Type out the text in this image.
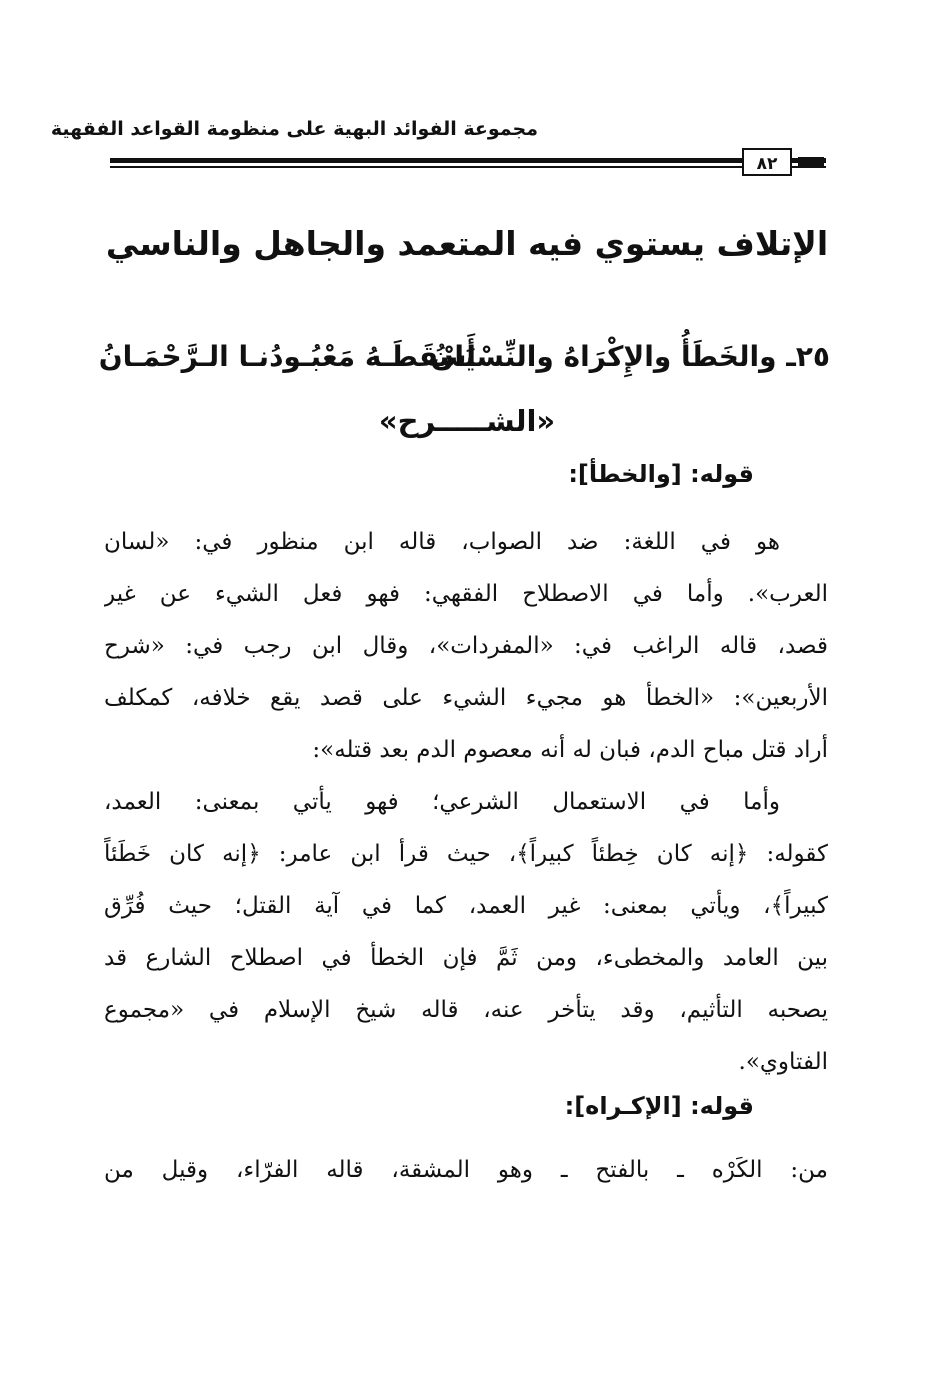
مجموعة الفوائد البهية على منظومة القواعد الفقهية
٨٢
الإتلاف يستوي فيه المتعمد والجاهل والناسي
٢٥ـ والخَطَأُ والإِكْرَاهُ والنِّسْيَانُ
أَسْقَطَـهُ مَعْبُـودُنـا الـرَّحْمَـانُ
«الشـــــرح»
قوله: [والخطأ]:
هو في اللغة: ضد الصواب، قاله ابن منظور في: «لسان
العرب». وأما في الاصطلاح الفقهي: فهو فعل الشيء عن غير
قصد، قاله الراغب في: «المفردات»، وقال ابن رجب في: «شرح
الأربعين»: «الخطأ هو مجيء الشيء على قصد يقع خلافه، كمكلف
أراد قتل مباح الدم، فبان له أنه معصوم الدم بعد قتله»:
وأما في الاستعمال الشرعي؛ فهو يأتي بمعنى: العمد،
كقوله: ﴿إنه كان خِطئاً كبيراً﴾، حيث قرأ ابن عامر: ﴿إنه كان خَطَئاً
كبيراً﴾، ويأتي بمعنى: غير العمد، كما في آية القتل؛ حيث فُرِّق
بين العامد والمخطىء، ومن ثَمَّ فإن الخطأ في اصطلاح الشارع قد
يصحبه التأثيم، وقد يتأخر عنه، قاله شيخ الإسلام في «مجموع
الفتاوي».
قوله: [الإكـراه]:
من: الكَرْه ـ بالفتح ـ وهو المشقة، قاله الفرّاء، وقيل من
